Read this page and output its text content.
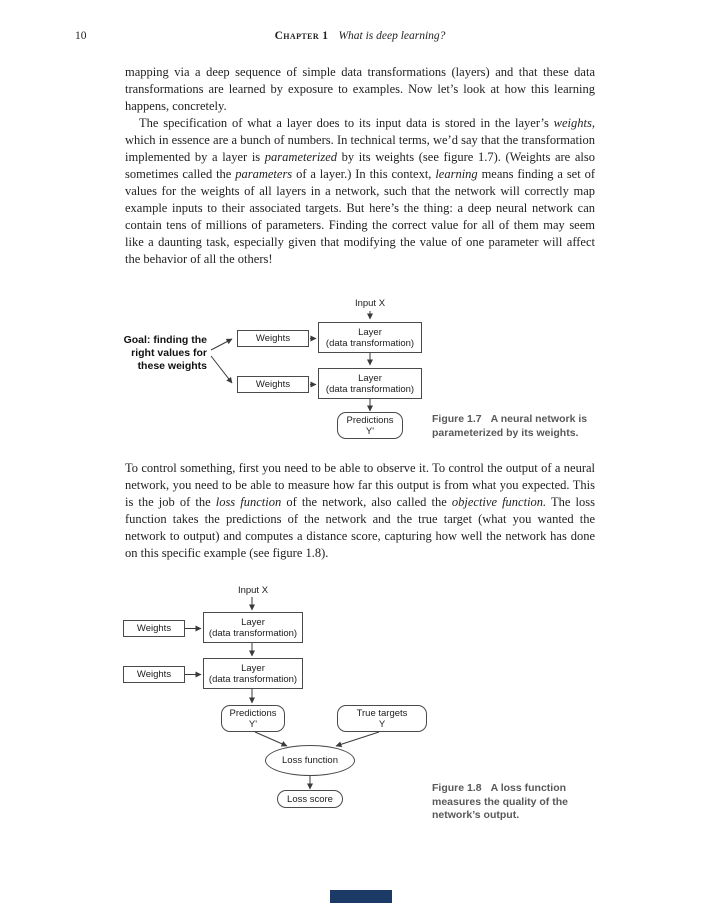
10	Chapter 1 What is deep learning?

mapping via a deep sequence of simple data transformations (layers) and that these data transformations are learned by exposure to examples. Now let’s look at how this learning happens, concretely.

The specification of what a layer does to its input data is stored in the layer’s weights, which in essence are a bunch of numbers. In technical terms, we’d say that the transformation implemented by a layer is parameterized by its weights (see figure 1.7). (Weights are also sometimes called the parameters of a layer.) In this context, learning means finding a set of values for the weights of all layers in a network, such that the network will correctly map example inputs to their associated targets. But here’s the thing: a deep neural network can contain tens of millions of parameters. Finding the correct value for all of them may seem like a daunting task, especially given that modifying the value of one parameter will affect the behavior of all the others!

Input X
Goal: finding the
right values for
these weights
Weights
Layer
(data transformation)
Weights
Layer
(data transformation)
Predictions
Y'
Figure 1.7 A neural network is parameterized by its weights.

To control something, first you need to be able to observe it. To control the output of a neural network, you need to be able to measure how far this output is from what you expected. This is the job of the loss function of the network, also called the objective function. The loss function takes the predictions of the network and the true target (what you wanted the network to output) and computes a distance score, capturing how well the network has done on this specific example (see figure 1.8).

Input X
Weights
Layer
(data transformation)
Weights
Layer
(data transformation)
Predictions
Y'
True targets
Y
Loss function
Loss score
Figure 1.8 A loss function measures the quality of the network’s output.
